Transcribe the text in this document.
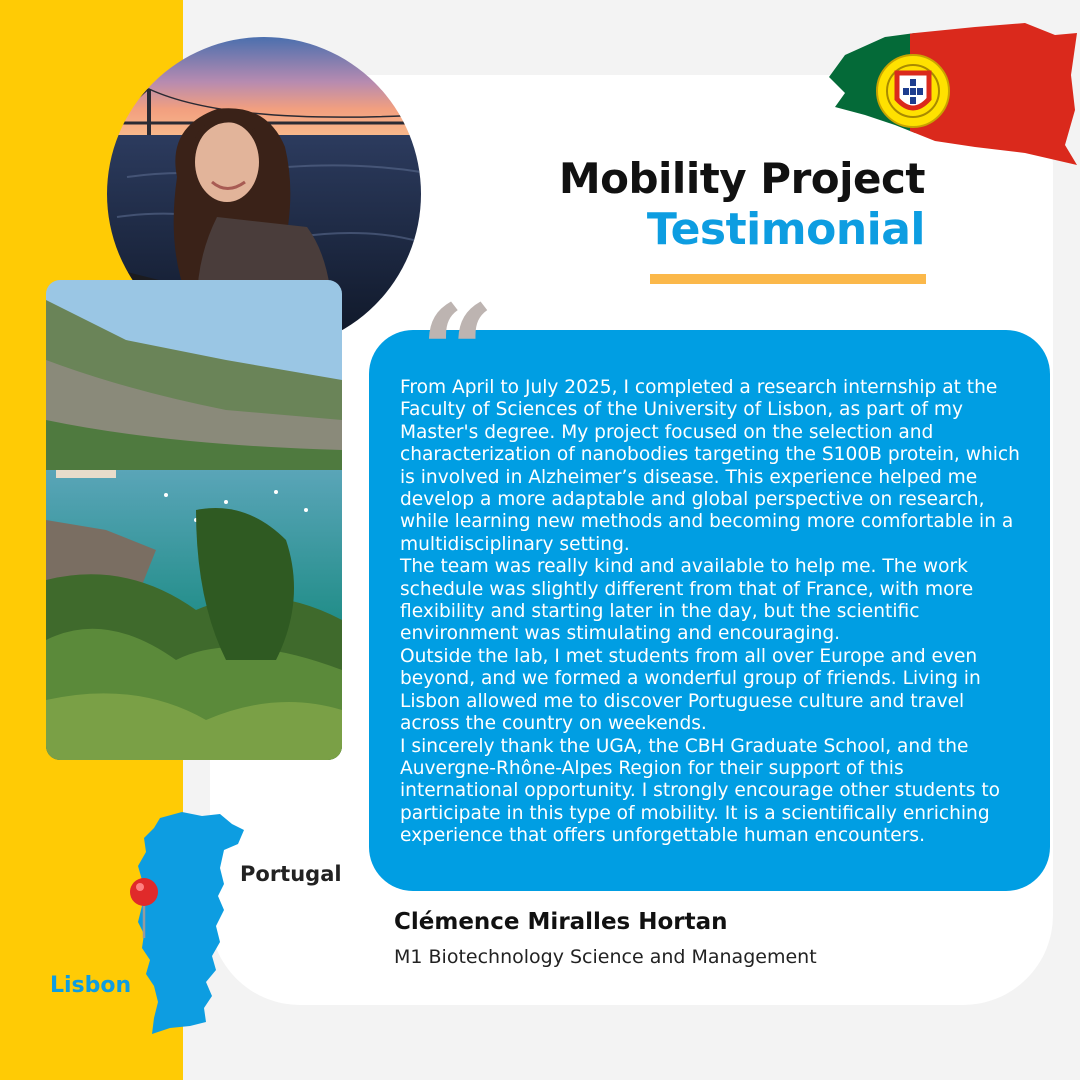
Mobility Project
Testimonial
“

From April to July 2025, I completed a research internship at the Faculty of Sciences of the University of Lisbon, as part of my Master's degree. My project focused on the selection and characterization of nanobodies targeting the S100B protein, which is involved in Alzheimer’s disease. This experience helped me develop a more adaptable and global perspective on research, while learning new methods and becoming more comfortable in a multidisciplinary setting.

The team was really kind and available to help me. The work schedule was slightly different from that of France, with more flexibility and starting later in the day, but the scientific environment was stimulating and encouraging.

Outside the lab, I met students from all over Europe and even beyond, and we formed a wonderful group of friends. Living in Lisbon allowed me to discover Portuguese culture and travel across the country on weekends.

I sincerely thank the UGA, the CBH Graduate School, and the Auvergne-Rhône-Alpes Region for their support of this international opportunity. I strongly encourage other students to participate in this type of mobility. It is a scientifically enriching experience that offers unforgettable human encounters.

Clémence Miralles Hortan
M1 Biotechnology Science and Management
Portugal
Lisbon
